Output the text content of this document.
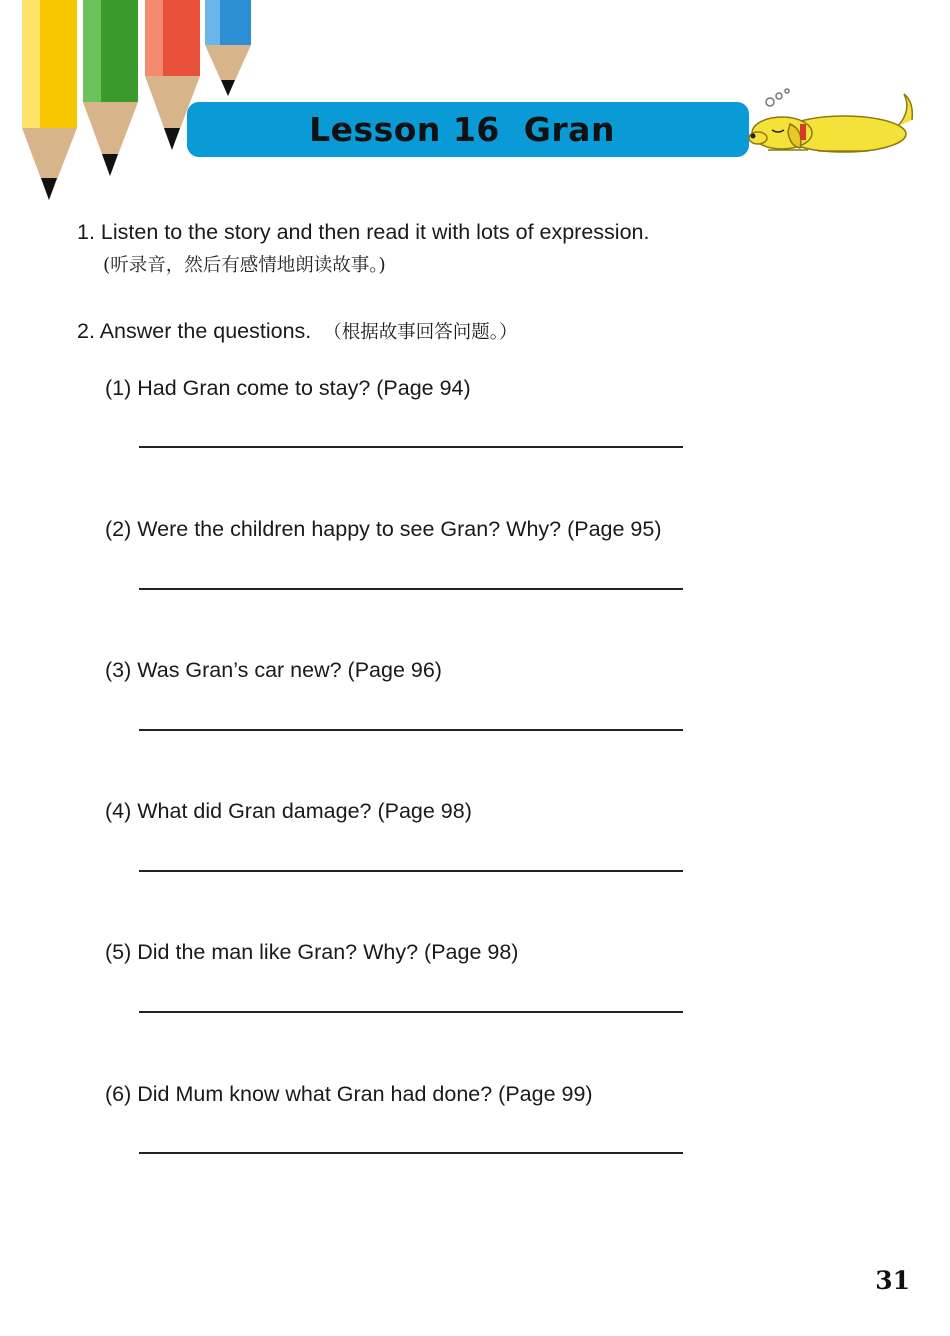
Lesson 16  Gran
1. Listen to the story and then read it with lots of expression.
(听录音，然后有感情地朗读故事。)
2. Answer the questions. （根据故事回答问题。）
(1) Had Gran come to stay? (Page 94)
(2) Were the children happy to see Gran? Why? (Page 95)
(3) Was Gran’s car new? (Page 96)
(4) What did Gran damage? (Page 98)
(5) Did the man like Gran? Why? (Page 98)
(6) Did Mum know what Gran had done? (Page 99)
31
